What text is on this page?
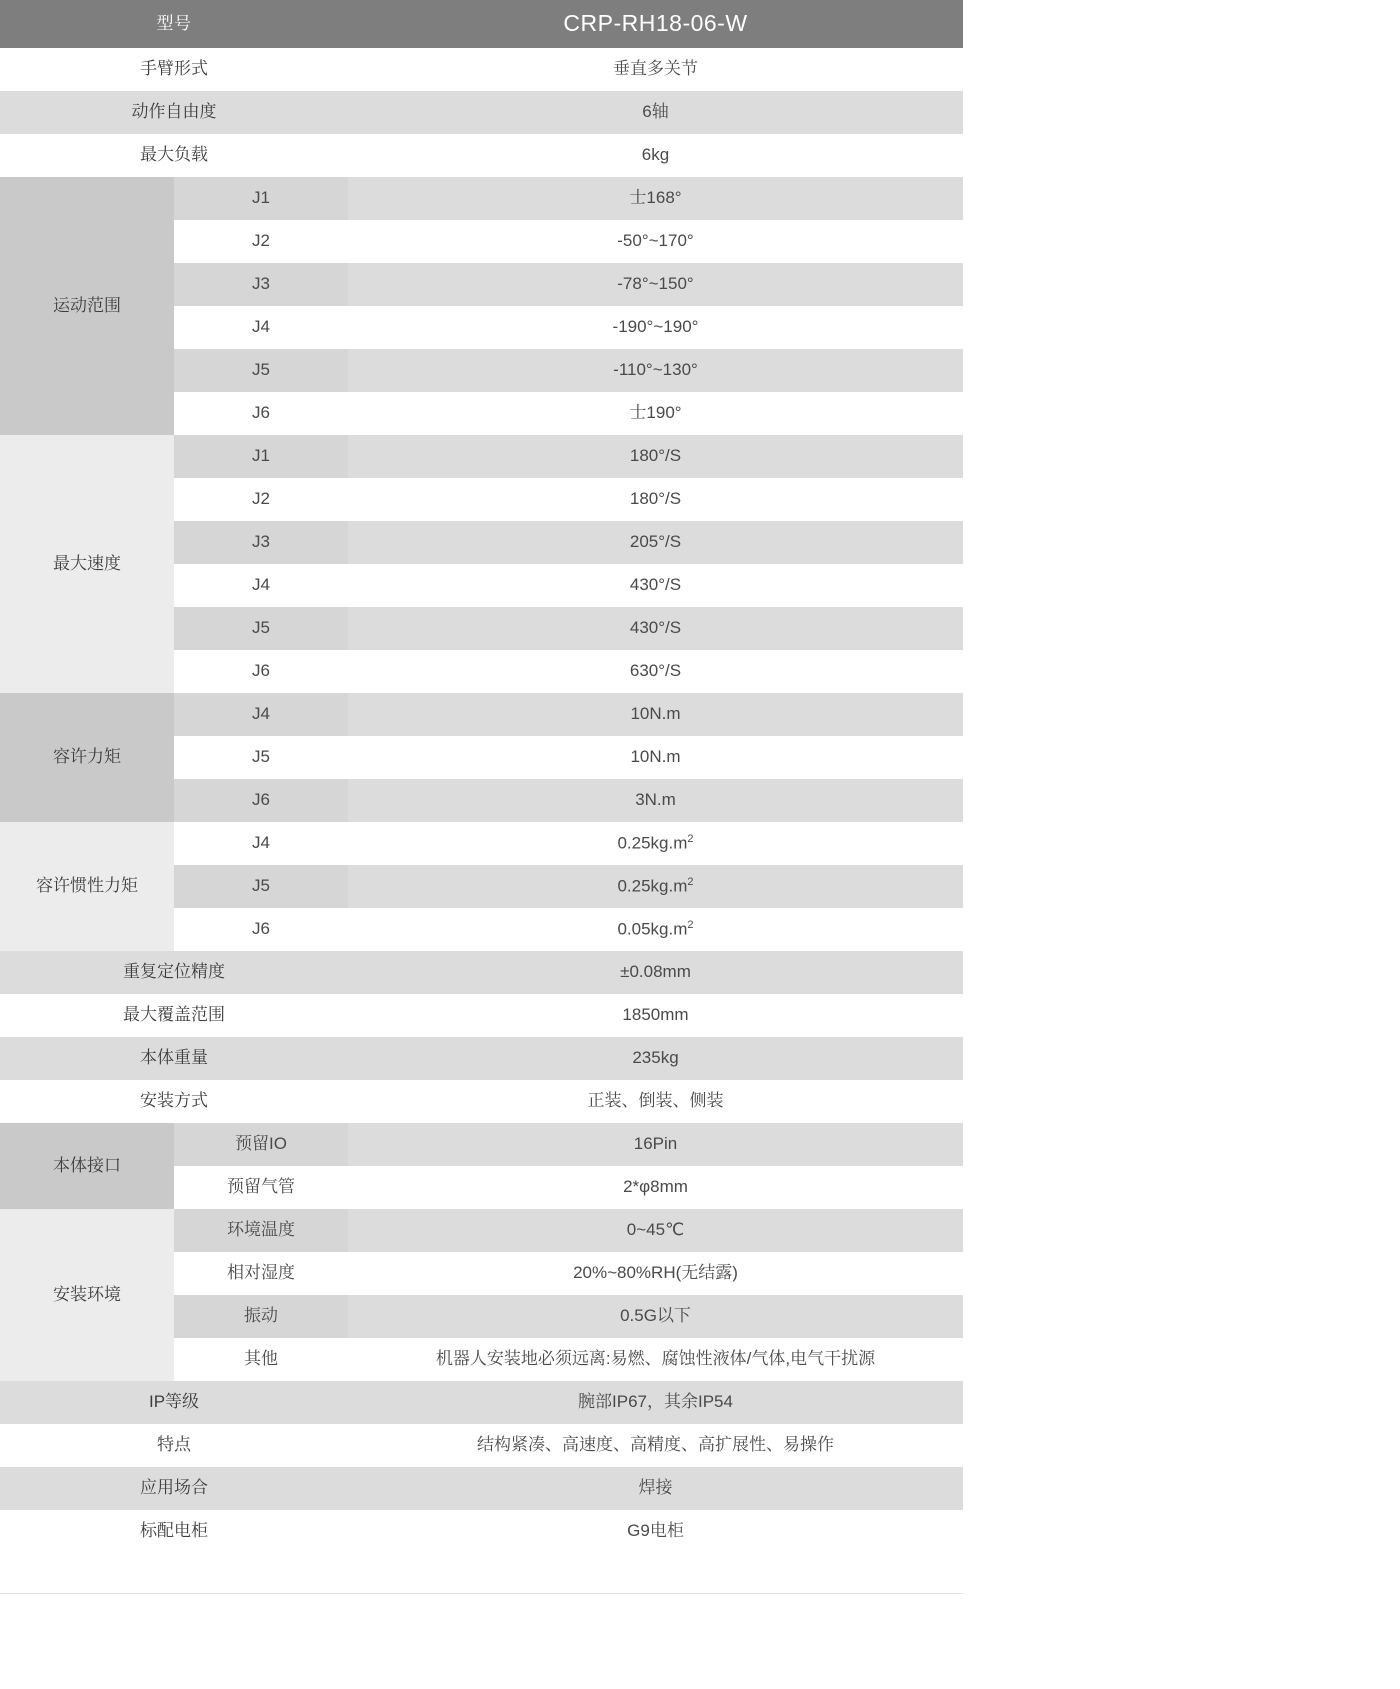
型号		CRP-RH18-06-W
手臂形式		垂直多关节
动作自由度		6轴
最大负载		6kg
运动范围	J1	士168°
	J2	-50°~170°
	J3	-78°~150°
	J4	-190°~190°
	J5	-110°~130°
	J6	士190°
最大速度	J1	180°/S
	J2	180°/S
	J3	205°/S
	J4	430°/S
	J5	430°/S
	J6	630°/S
容许力矩	J4	10N.m
	J5	10N.m
	J6	3N.m
容许惯性力矩	J4	$0.25kg.m^2$
	J5	$0.25kg.m^2$
	J6	$0.05kg.m^2$
重复定位精度		±0.08mm
最大覆盖范围		1850mm
本体重量		235kg
安装方式		正装、倒装、侧装
本体接口	预留IO	16Pin
	预留气管	2*φ8mm
安装环境	环境温度	0~45℃
	相对湿度	20%~80%RH(无结露)
	振动	0.5G以下
	其他	机器人安装地必须远离:易燃、腐蚀性液体/气体,电气干扰源
IP等级		腕部IP67，其余IP54
特点		结构紧凑、高速度、高精度、高扩展性、易操作
应用场合		焊接
标配电柜		G9电柜
